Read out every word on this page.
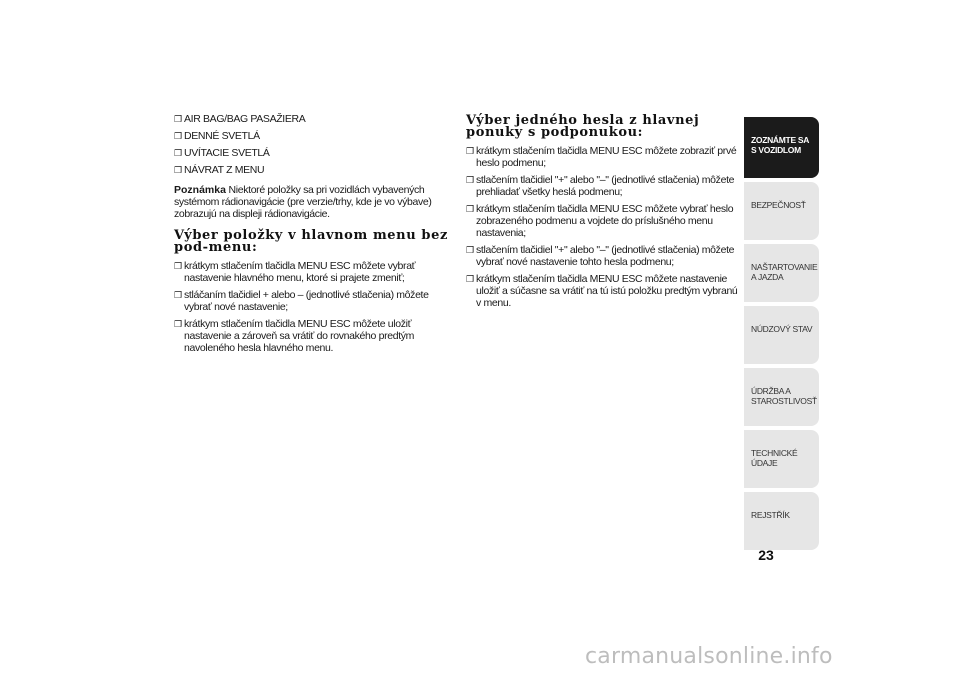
❒ AIR BAG/BAG PASAŽIERA
❒ DENNÉ SVETLÁ
❒ UVÍTACIE SVETLÁ
❒ NÁVRAT Z MENU

Poznámka Niektoré položky sa pri vozidlách vybavených systémom rádionavigácie (pre verzie/trhy, kde je vo výbave) zobrazujú na displeji rádionavigácie.

Výber položky v hlavnom menu bez pod-menu:
❒ krátkym stlačením tlačidla MENU ESC môžete vybrať nastavenie hlavného menu, ktoré si prajete zmeniť;
❒ stláčaním tlačidiel + alebo – (jednotlivé stlačenia) môžete vybrať nové nastavenie;
❒ krátkym stlačením tlačidla MENU ESC môžete uložiť nastavenie a zároveň sa vrátiť do rovnakého predtým navoleného hesla hlavného menu.
Výber jedného hesla z hlavnej ponuky s podponukou:
❒ krátkym stlačením tlačidla MENU ESC môžete zobraziť prvé heslo podmenu;
❒ stlačením tlačidiel "+" alebo "–" (jednotlivé stlačenia) môžete prehliadať všetky heslá podmenu;
❒ krátkym stlačením tlačidla MENU ESC môžete vybrať heslo zobrazeného podmenu a vojdete do príslušného menu nastavenia;
❒ stlačením tlačidiel "+" alebo "–" (jednotlivé stlačenia) môžete vybrať nové nastavenie tohto hesla podmenu;
❒ krátkym stlačením tlačidla MENU ESC môžete nastavenie uložiť a súčasne sa vrátiť na tú istú položku predtým vybranú v menu.
ZOZNÁMTE SA S VOZIDLOM
BEZPEČNOSŤ
NAŠTARTOVANIE A JAZDA
NÚDZOVÝ STAV
ÚDRŽBA A STAROSTLIVOSŤ
TECHNICKÉ ÚDAJE
REJSTŘÍK
23
carmanualsonline.info
